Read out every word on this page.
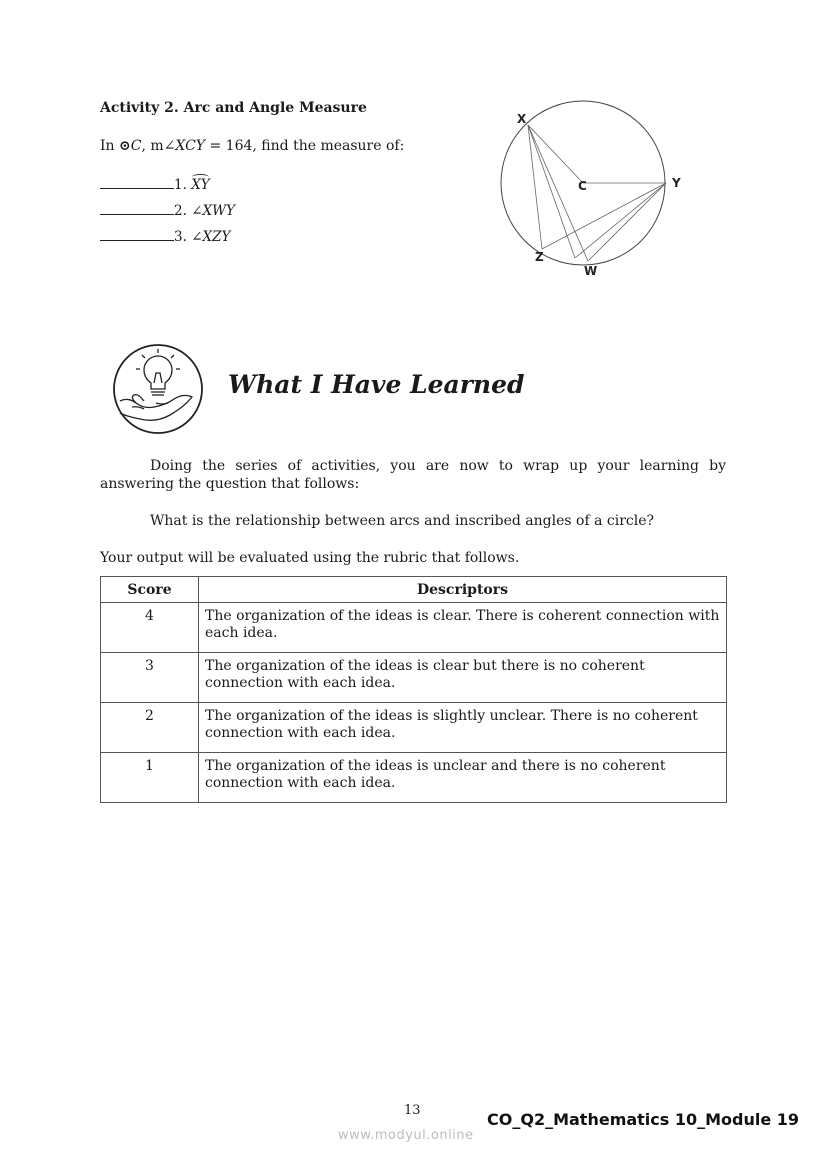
Activity 2. Arc and Angle Measure
In ⊙C, m∠XCY = 164, find the measure of:
1. XY
2. ∠XWY
3. ∠XZY
X
C	Y
Z
W
What I Have Learned
Doing the series of activities, you are now to wrap up your learning by answering the question that follows:
What is the relationship between arcs and inscribed angles of a circle?
Your output will be evaluated using the rubric that follows.
Score	Descriptors
4	The organization of the ideas is clear. There is coherent connection with each idea.
3	The organization of the ideas is clear but there is no coherent connection with each idea.
2	The organization of the ideas is slightly unclear. There is no coherent connection with each idea.
1	The organization of the ideas is unclear and there is no coherent connection with each idea.
13	CO_Q2_Mathematics 10_Module 19
www.modyul.online
